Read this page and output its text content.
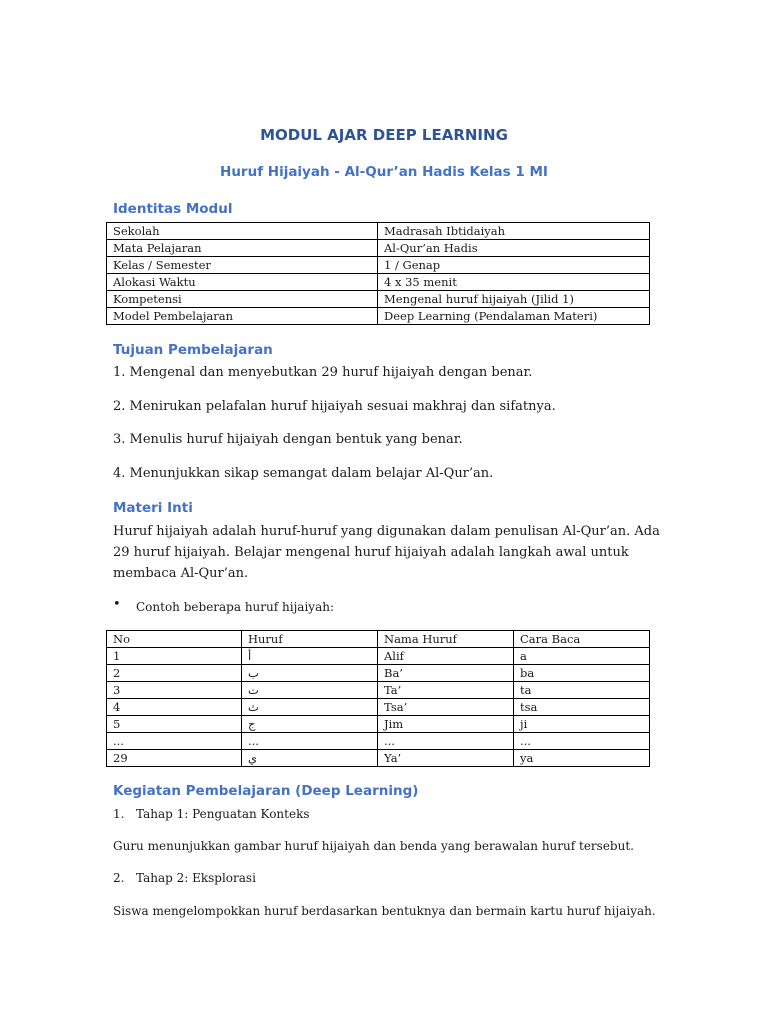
MODUL AJAR DEEP LEARNING
Huruf Hijaiyah - Al-Qur’an Hadis Kelas 1 MI
Identitas Modul
Sekolah	Madrasah Ibtidaiyah
Mata Pelajaran	Al-Qur’an Hadis
Kelas / Semester	1 / Genap
Alokasi Waktu	4 x 35 menit
Kompetensi	Mengenal huruf hijaiyah (Jilid 1)
Model Pembelajaran	Deep Learning (Pendalaman Materi)
Tujuan Pembelajaran
1. Mengenal dan menyebutkan 29 huruf hijaiyah dengan benar.
2. Menirukan pelafalan huruf hijaiyah sesuai makhraj dan sifatnya.
3. Menulis huruf hijaiyah dengan bentuk yang benar.
4. Menunjukkan sikap semangat dalam belajar Al-Qur’an.
Materi Inti
Huruf hijaiyah adalah huruf-huruf yang digunakan dalam penulisan Al-Qur’an. Ada
29 huruf hijaiyah. Belajar mengenal huruf hijaiyah adalah langkah awal untuk
membaca Al-Qur’an.
• Contoh beberapa huruf hijaiyah:
No	Huruf	Nama Huruf	Cara Baca
1	أ	Alif	a
2	ب	Ba’	ba
3	ت	Ta’	ta
4	ث	Tsa’	tsa
5	ج	Jim	ji
...	...	...	...
29	ي	Ya’	ya
Kegiatan Pembelajaran (Deep Learning)
1. Tahap 1: Penguatan Konteks
Guru menunjukkan gambar huruf hijaiyah dan benda yang berawalan huruf tersebut.
2. Tahap 2: Eksplorasi
Siswa mengelompokkan huruf berdasarkan bentuknya dan bermain kartu huruf hijaiyah.
